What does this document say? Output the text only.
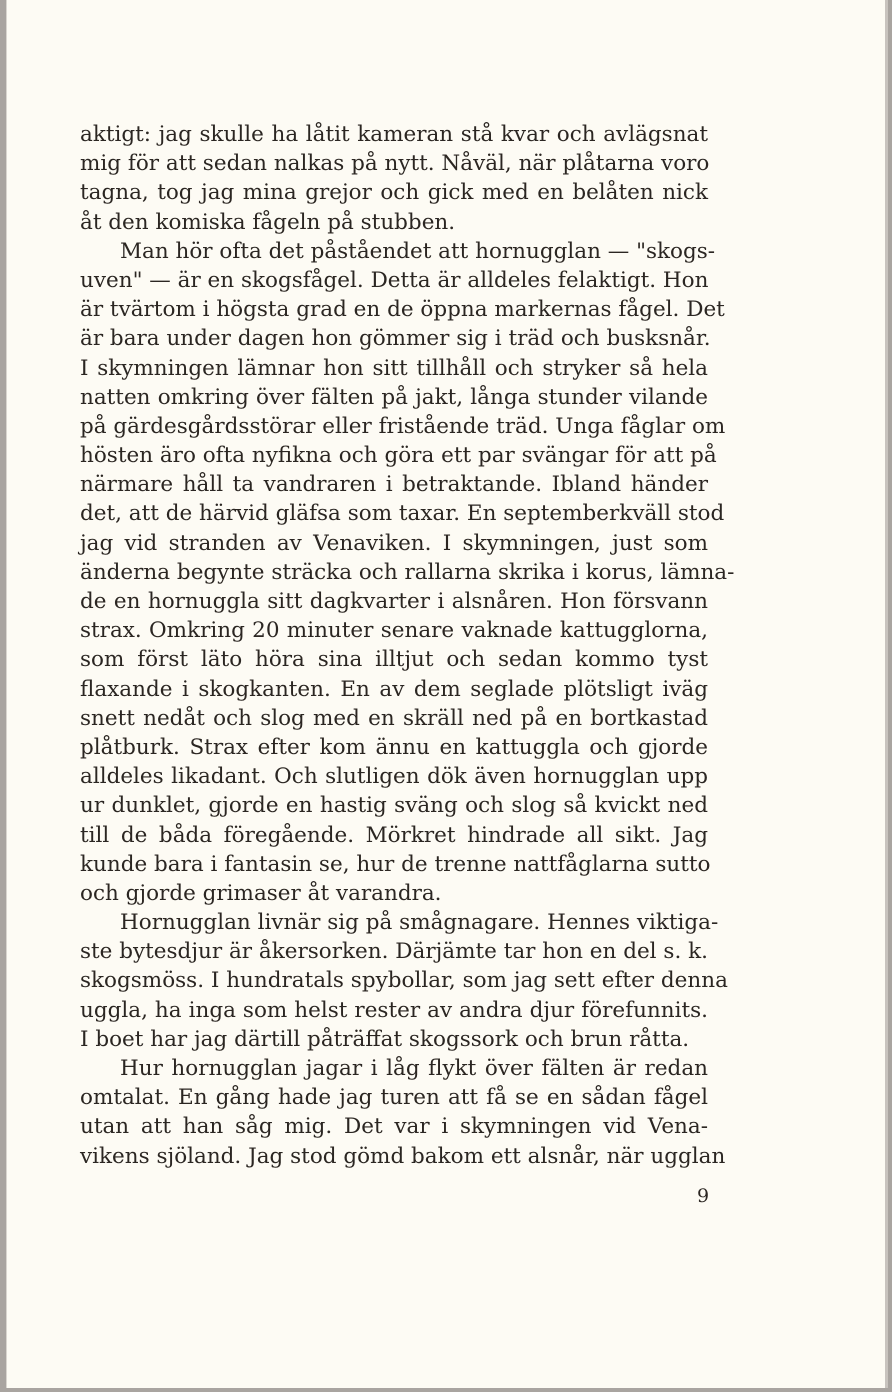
aktigt: jag skulle ha låtit kameran stå kvar och avlägsnat
mig för att sedan nalkas på nytt. Nåväl, när plåtarna voro
tagna, tog jag mina grejor och gick med en belåten nick
åt den komiska fågeln på stubben.
Man hör ofta det påståendet att hornugglan — "skogs-
uven" — är en skogsfågel. Detta är alldeles felaktigt. Hon
är tvärtom i högsta grad en de öppna markernas fågel. Det
är bara under dagen hon gömmer sig i träd och busksnår.
I skymningen lämnar hon sitt tillhåll och stryker så hela
natten omkring över fälten på jakt, långa stunder vilande
på gärdesgårdsstörar eller fristående träd. Unga fåglar om
hösten äro ofta nyfikna och göra ett par svängar för att på
närmare håll ta vandraren i betraktande. Ibland händer
det, att de härvid gläfsa som taxar. En septemberkväll stod
jag vid stranden av Venaviken. I skymningen, just som
änderna begynte sträcka och rallarna skrika i korus, lämna-
de en hornuggla sitt dagkvarter i alsnåren. Hon försvann
strax. Omkring 20 minuter senare vaknade kattugglorna,
som först läto höra sina illtjut och sedan kommo tyst
flaxande i skogkanten. En av dem seglade plötsligt iväg
snett nedåt och slog med en skräll ned på en bortkastad
plåtburk. Strax efter kom ännu en kattuggla och gjorde
alldeles likadant. Och slutligen dök även hornugglan upp
ur dunklet, gjorde en hastig sväng och slog så kvickt ned
till de båda föregående. Mörkret hindrade all sikt. Jag
kunde bara i fantasin se, hur de trenne nattfåglarna sutto
och gjorde grimaser åt varandra.
Hornugglan livnär sig på smågnagare. Hennes viktiga-
ste bytesdjur är åkersorken. Därjämte tar hon en del s. k.
skogsmöss. I hundratals spybollar, som jag sett efter denna
uggla, ha inga som helst rester av andra djur förefunnits.
I boet har jag därtill påträffat skogssork och brun råtta.
Hur hornugglan jagar i låg flykt över fälten är redan
omtalat. En gång hade jag turen att få se en sådan fågel
utan att han såg mig. Det var i skymningen vid Vena-
vikens sjöland. Jag stod gömd bakom ett alsnår, när ugglan
9
